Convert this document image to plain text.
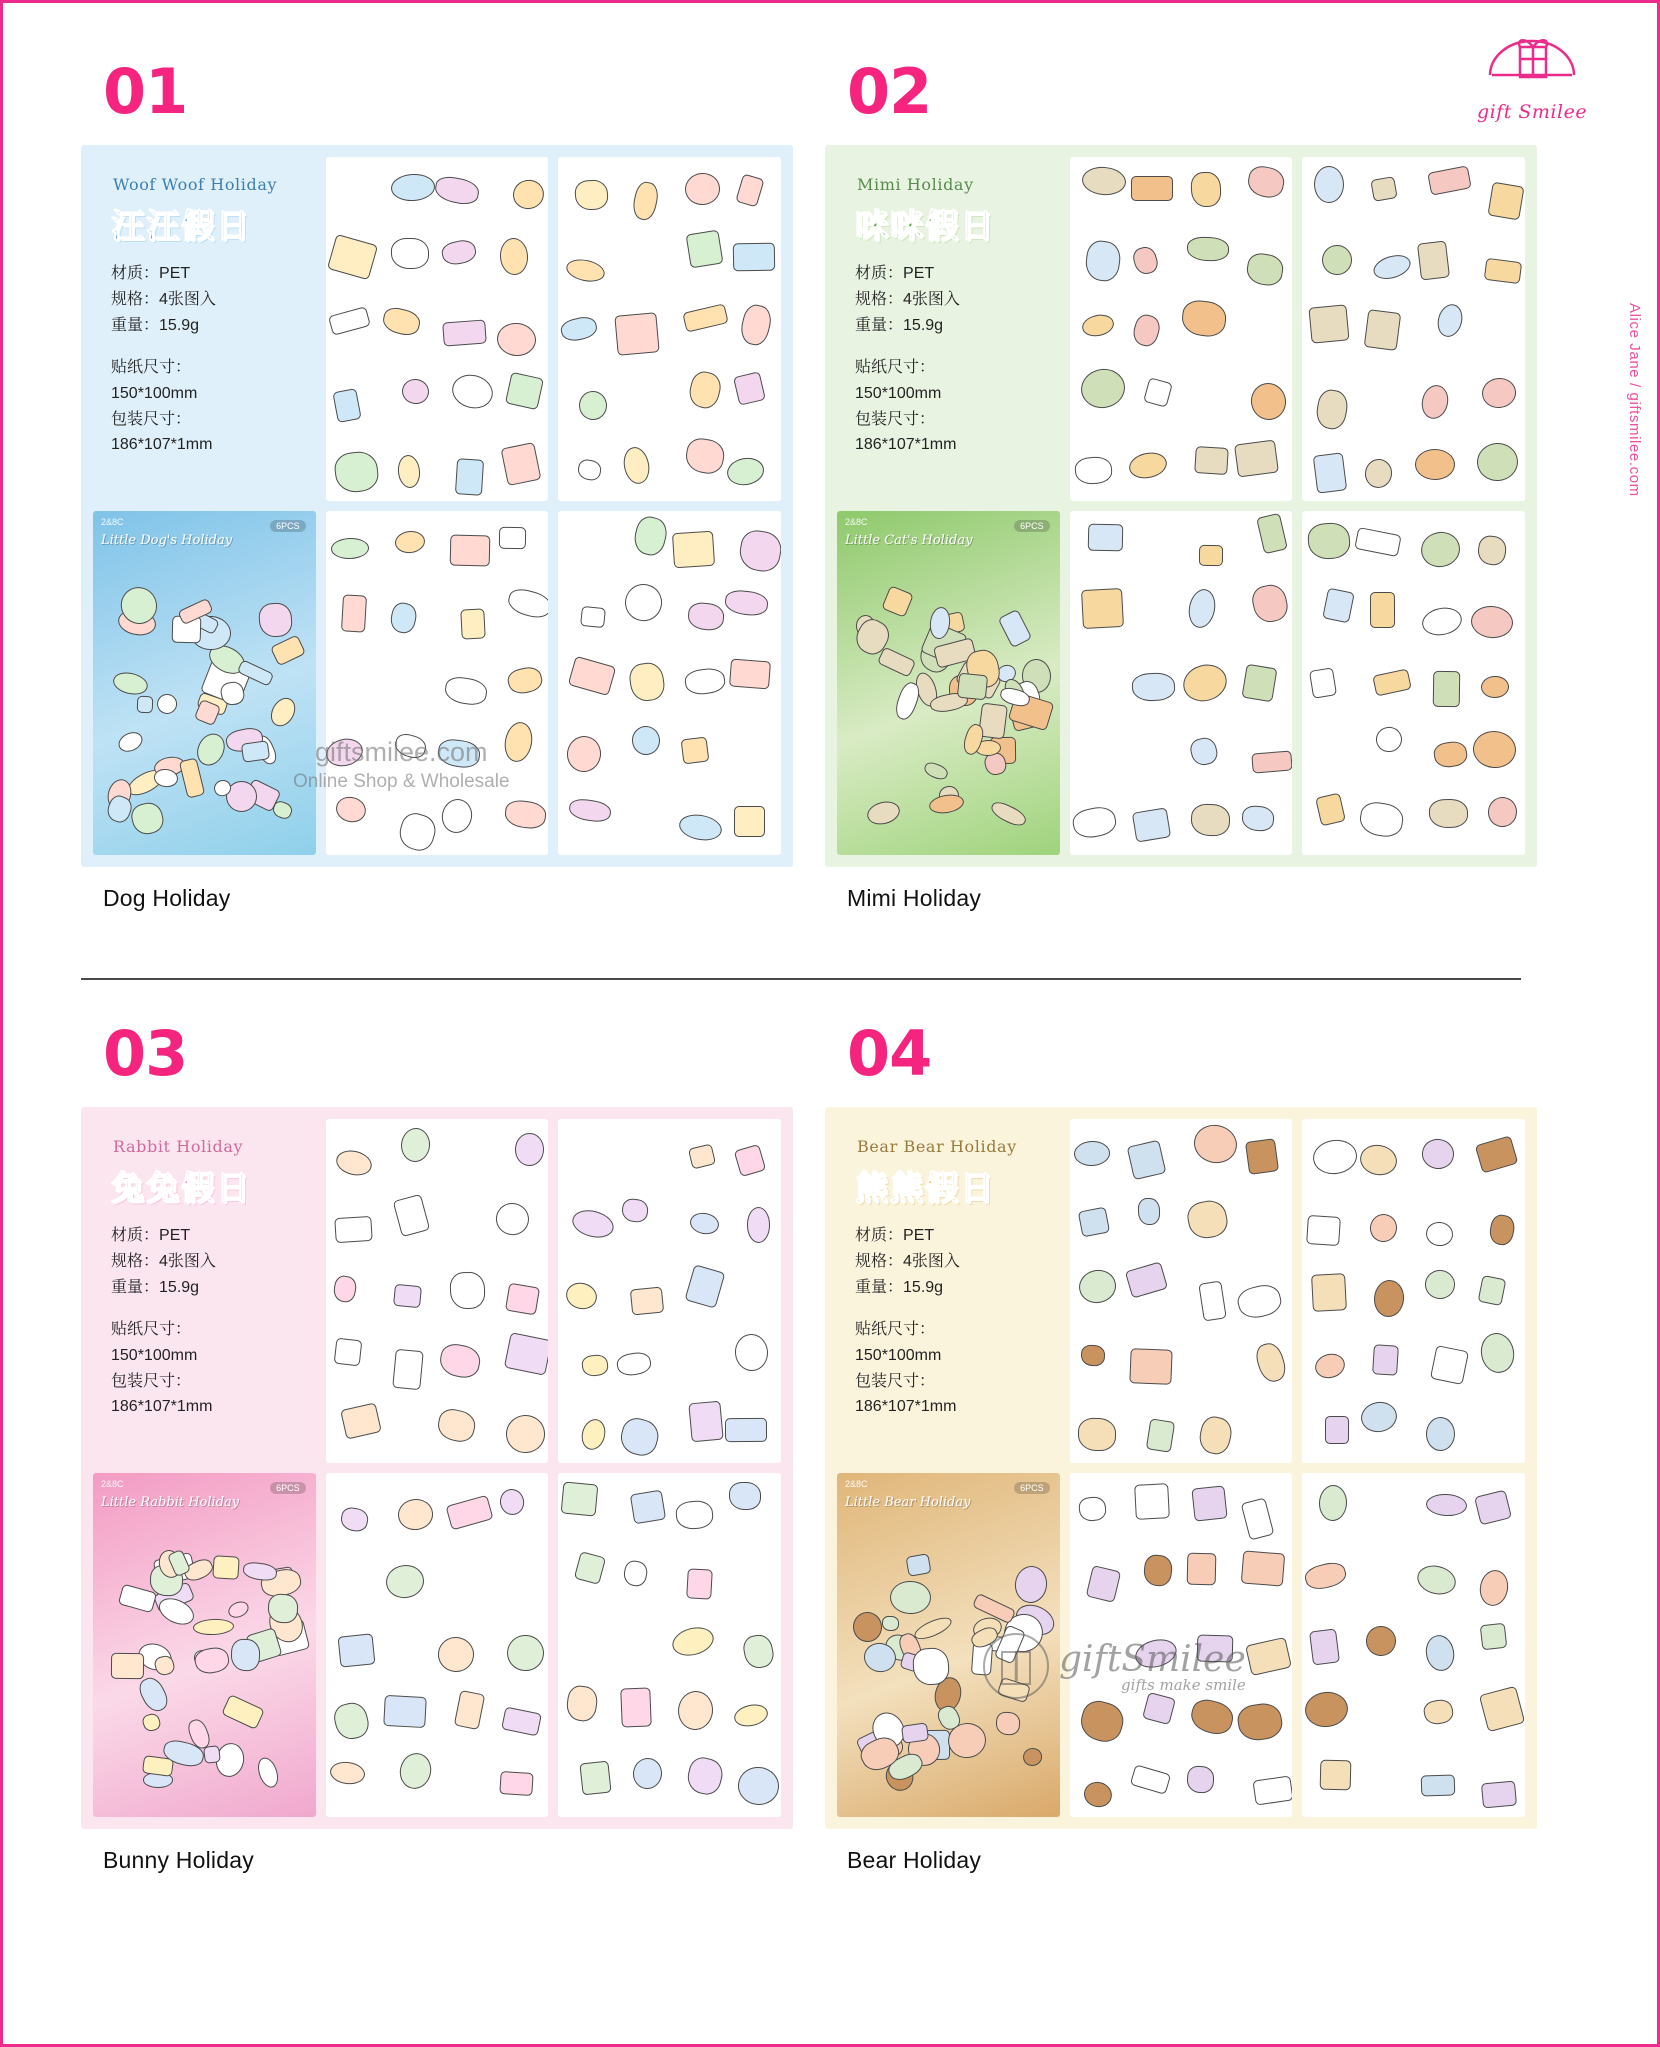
gift Smilee
Alice Jane / giftsmilee.com
01
Woof Woof Holiday
汪汪假日
材质：PET
规格：4张图入
重量：15.9g
贴纸尺寸：
150*100mm
包装尺寸：
186*107*1mm
2&8C
Little Dog's Holiday
6PCS
Dog Holiday
02
Mimi Holiday
咪咪假日
材质：PET
规格：4张图入
重量：15.9g
贴纸尺寸：
150*100mm
包装尺寸：
186*107*1mm
2&8C
Little Cat's Holiday
6PCS
Mimi Holiday
03
Rabbit Holiday
兔兔假日
材质：PET
规格：4张图入
重量：15.9g
贴纸尺寸：
150*100mm
包装尺寸：
186*107*1mm
2&8C
Little Rabbit Holiday
6PCS
Bunny Holiday
04
Bear Bear Holiday
熊熊假日
材质：PET
规格：4张图入
重量：15.9g
贴纸尺寸：
150*100mm
包装尺寸：
186*107*1mm
2&8C
Little Bear Holiday
6PCS
Bear Holiday
giftsmilee.com
Online Shop & Wholesale
giftSmilee
gifts make smile
